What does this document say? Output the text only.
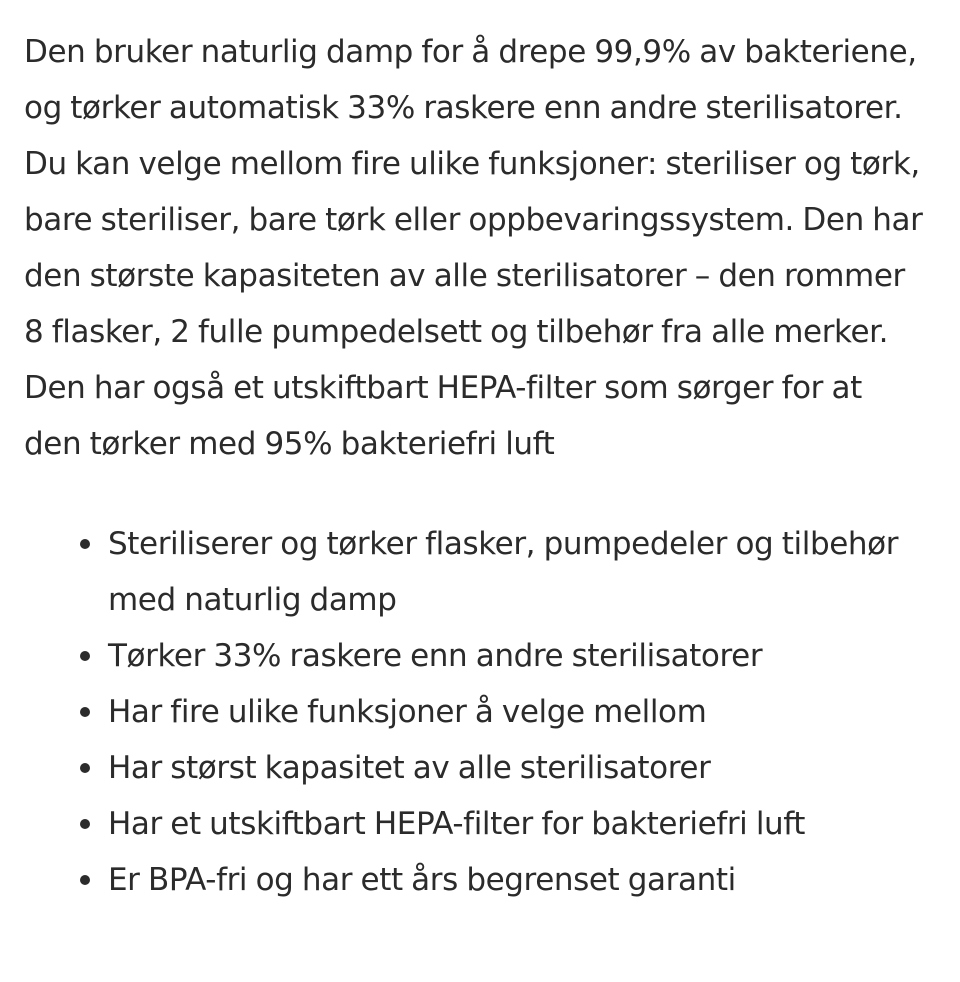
Den bruker naturlig damp for å drepe 99,9% av bakteriene, og tørker automatisk 33% raskere enn andre sterilisatorer. Du kan velge mellom fire ulike funksjoner: steriliser og tørk, bare steriliser, bare tørk eller oppbevaringssystem. Den har den største kapasiteten av alle sterilisatorer – den rommer 8 flasker, 2 fulle pumpedelsett og tilbehør fra alle merker. Den har også et utskiftbart HEPA-filter som sørger for at den tørker med 95% bakteriefri luft

Steriliserer og tørker flasker, pumpedeler og tilbehør med naturlig damp
Tørker 33% raskere enn andre sterilisatorer
Har fire ulike funksjoner å velge mellom
Har størst kapasitet av alle sterilisatorer
Har et utskiftbart HEPA-filter for bakteriefri luft
Er BPA-fri og har ett års begrenset garanti
